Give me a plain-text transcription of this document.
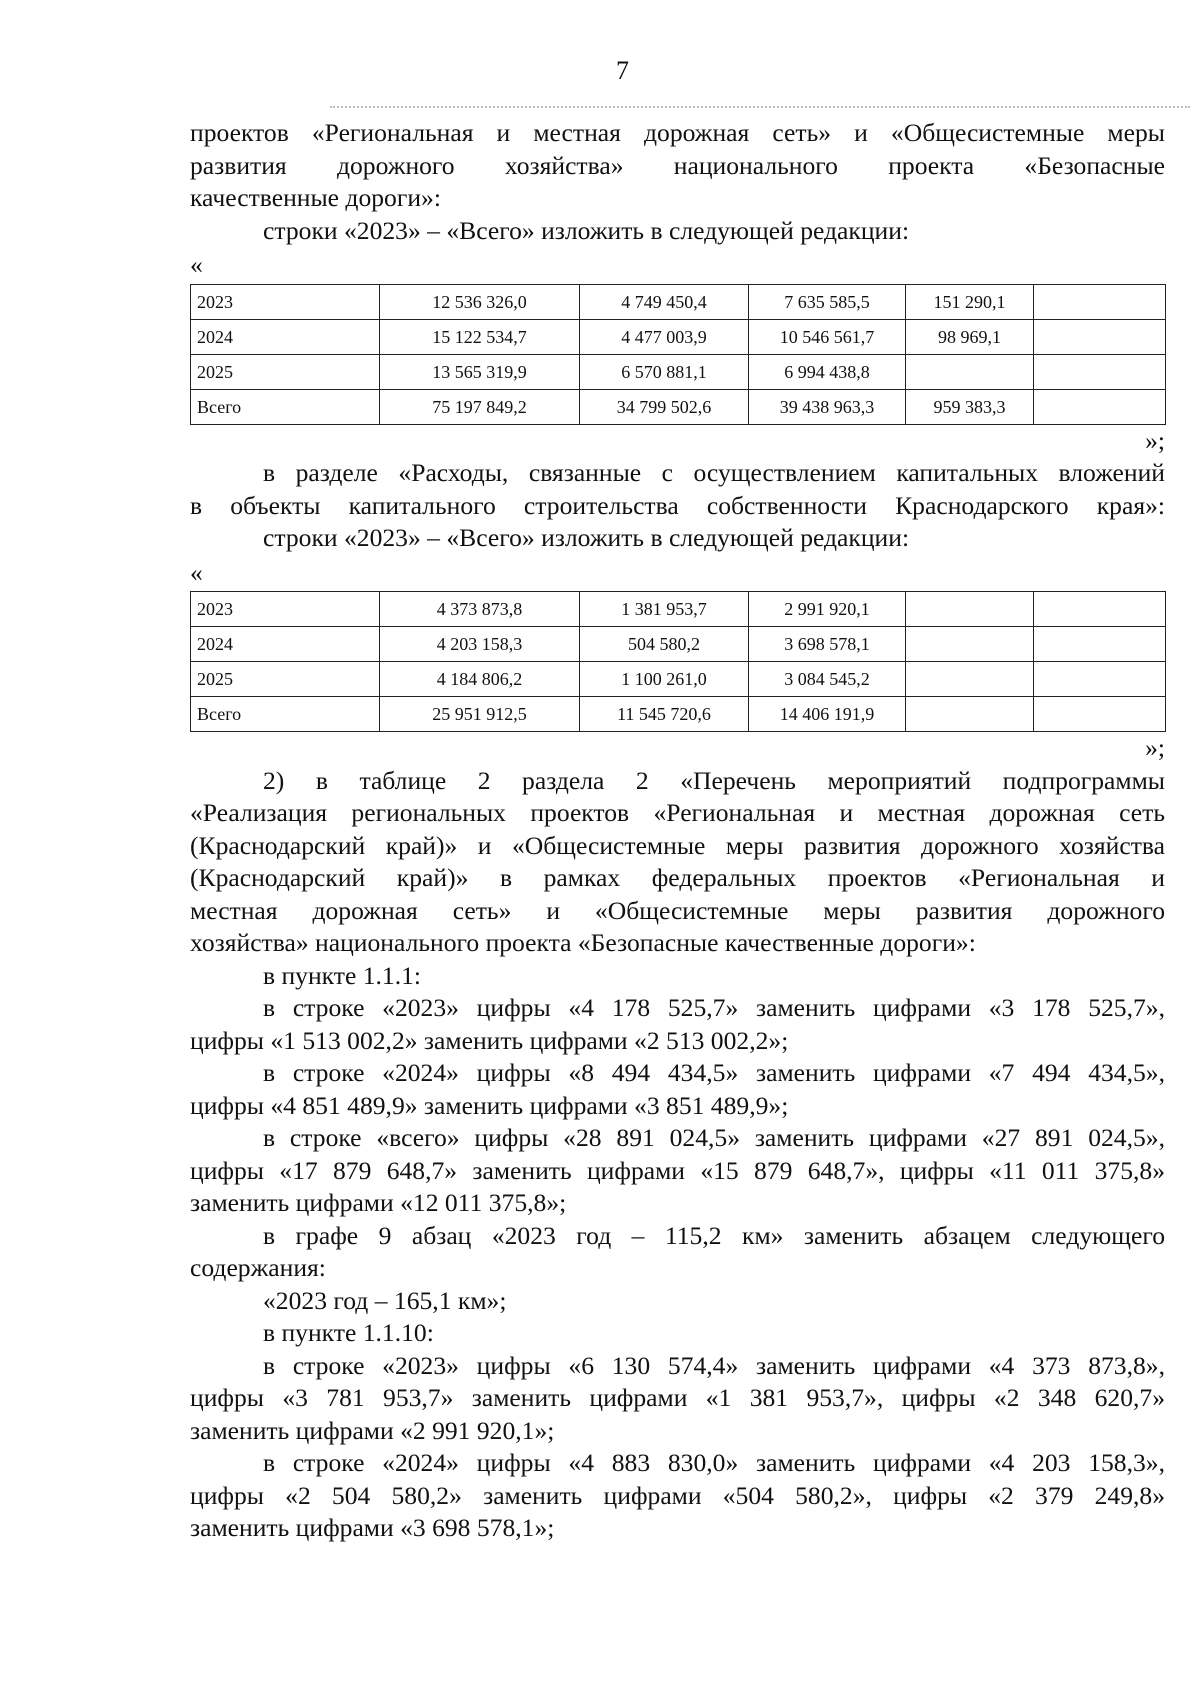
7

проектов «Региональная и местная дорожная сеть» и «Общесистемные меры

развития дорожного хозяйства» национального проекта «Безопасные

качественные дороги»:

строки «2023» – «Всего» изложить в следующей редакции:

«

2023	12 536 326,0	4 749 450,4	7 635 585,5	151 290,1	
2024	15 122 534,7	4 477 003,9	10 546 561,7	98 969,1	
2025	13 565 319,9	6 570 881,1	6 994 438,8		
Всего	75 197 849,2	34 799 502,6	39 438 963,3	959 383,3	

»;

в разделе «Расходы, связанные с осуществлением капитальных вложений

в объекты капитального строительства собственности Краснодарского края»:

строки «2023» – «Всего» изложить в следующей редакции:

«

2023	4 373 873,8	1 381 953,7	2 991 920,1		
2024	4 203 158,3	504 580,2	3 698 578,1		
2025	4 184 806,2	1 100 261,0	3 084 545,2		
Всего	25 951 912,5	11 545 720,6	14 406 191,9		

»;

2) в таблице 2 раздела 2 «Перечень мероприятий подпрограммы

«Реализация региональных проектов «Региональная и местная дорожная сеть

(Краснодарский край)» и «Общесистемные меры развития дорожного хозяйства

(Краснодарский край)» в рамках федеральных проектов «Региональная и

местная дорожная сеть» и «Общесистемные меры развития дорожного

хозяйства» национального проекта «Безопасные качественные дороги»:

в пункте 1.1.1:

в строке «2023» цифры «4 178 525,7» заменить цифрами «3 178 525,7»,

цифры «1 513 002,2» заменить цифрами «2 513 002,2»;

в строке «2024» цифры «8 494 434,5» заменить цифрами «7 494 434,5»,

цифры «4 851 489,9» заменить цифрами «3 851 489,9»;

в строке «всего» цифры «28 891 024,5» заменить цифрами «27 891 024,5»,

цифры «17 879 648,7» заменить цифрами «15 879 648,7», цифры «11 011 375,8»

заменить цифрами «12 011 375,8»;

в графе 9 абзац «2023 год – 115,2 км» заменить абзацем следующего

содержания:

«2023 год – 165,1 км»;

в пункте 1.1.10:

в строке «2023» цифры «6 130 574,4» заменить цифрами «4 373 873,8»,

цифры «3 781 953,7» заменить цифрами «1 381 953,7», цифры «2 348 620,7»

заменить цифрами «2 991 920,1»;

в строке «2024» цифры «4 883 830,0» заменить цифрами «4 203 158,3»,

цифры «2 504 580,2» заменить цифрами «504 580,2», цифры «2 379 249,8»

заменить цифрами «3 698 578,1»;
